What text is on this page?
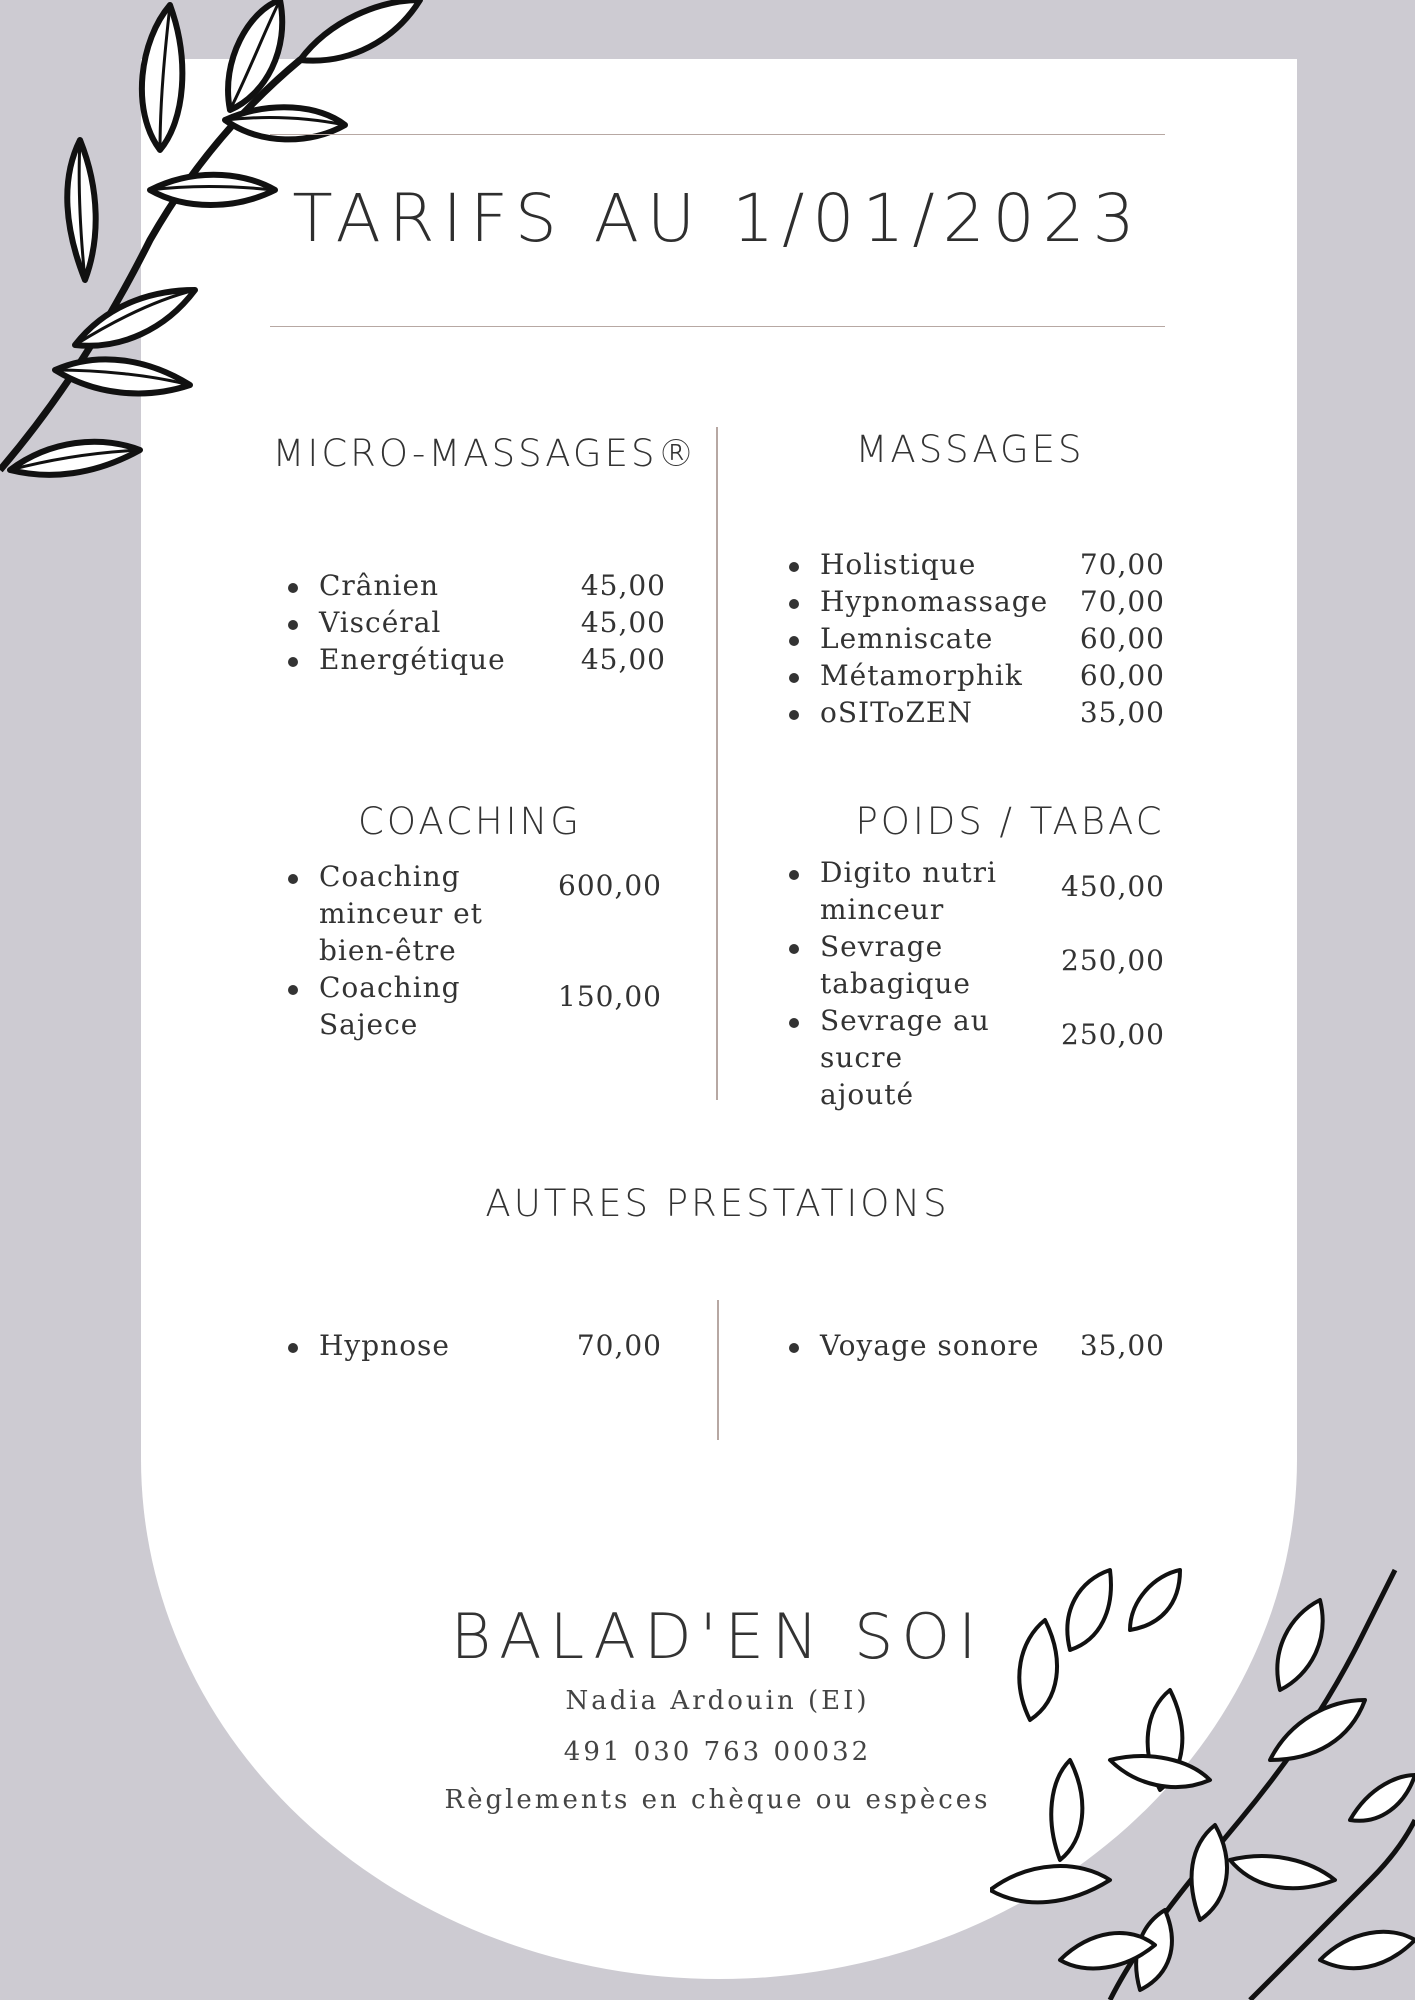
TARIFS AU 1/01/2023
MICRO-MASSAGES®
Crânien	45,00
Viscéral	45,00
Energétique	45,00
MASSAGES
Holistique	70,00
Hypnomassage 70,00
Lemniscate	60,00
Métamorphik 60,00
oSIToZEN	35,00
COACHING
Coaching minceur et bien-être
600,00
Coaching Sajece
150,00
POIDS / TABAC
Digito nutri minceur
450,00
Sevrage tabagique
250,00
Sevrage au sucre ajouté
250,00
AUTRES PRESTATIONS
Hypnose	70,00	Voyage sonore 35,00
BALAD'EN SOI
Nadia Ardouin (EI)
491 030 763 00032
Règlements en chèque ou espèces
